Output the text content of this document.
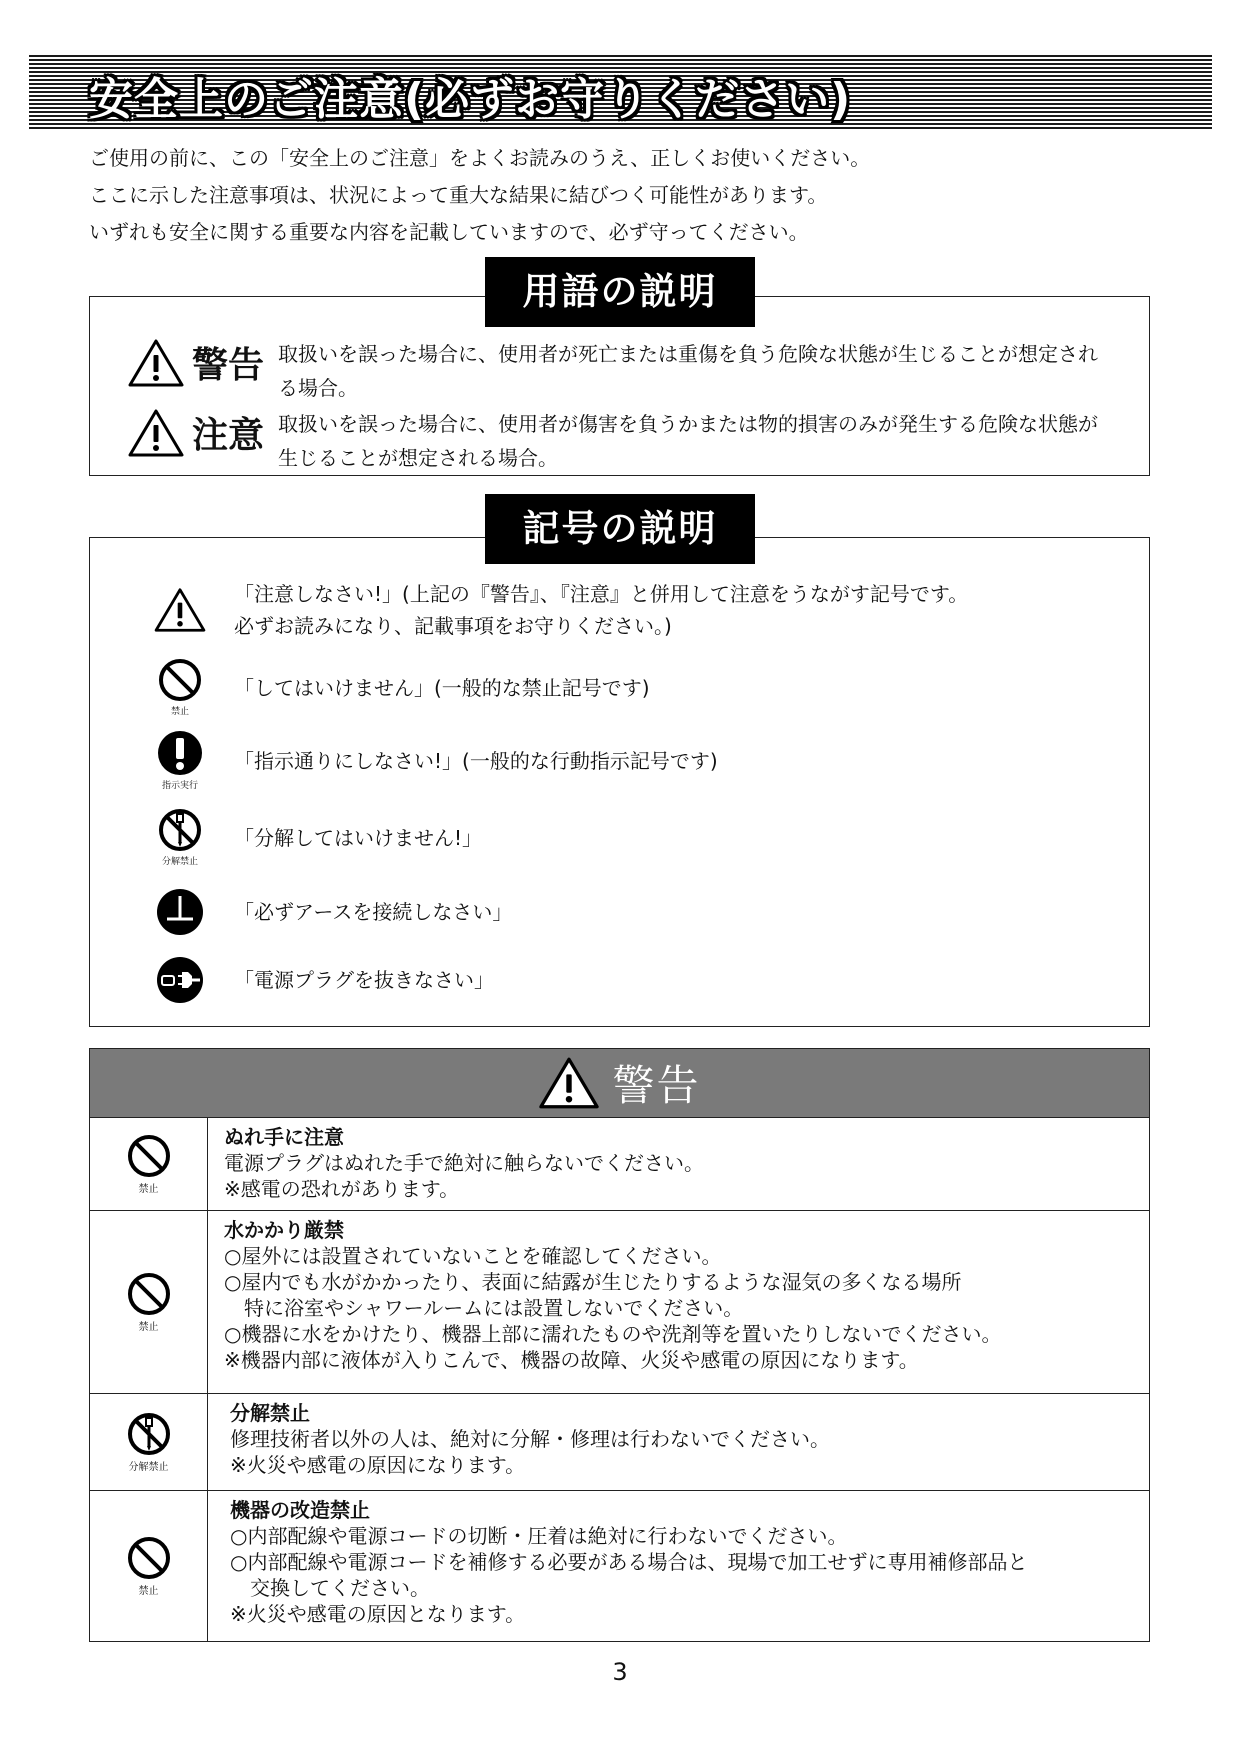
安全上のご注意(必ずお守りください)

ご使用の前に、この「安全上のご注意」をよくお読みのうえ、正しくお使いください。

ここに示した注意事項は、状況によって重大な結果に結びつく可能性があります。

いずれも安全に関する重要な内容を記載していますので、必ず守ってください。

警告 取扱いを誤った場合に、使用者が死亡または重傷を負う危険な状態が生じることが想定される場合。
注意 取扱いを誤った場合に、使用者が傷害を負うかまたは物的損害のみが発生する危険な状態が生じることが想定される場合。
用語の説明
「注意しなさい!」(上記の『警告』、『注意』と併用して注意をうながす記号です。
必ずお読みになり、記載事項をお守りください。)
禁止
「してはいけません」(一般的な禁止記号です)
指示実行
「指示通りにしなさい!」(一般的な行動指示記号です)
分解禁止
「分解してはいけません!」
「必ずアースを接続しなさい」
「電源プラグを抜きなさい」
記号の説明
警告
禁止
ぬれ手に注意
電源プラグはぬれた手で絶対に触らないでください。
※感電の恐れがあります。
禁止
水かかり厳禁
○屋外には設置されていないことを確認してください。
○屋内でも水がかかったり、表面に結露が生じたりするような湿気の多くなる場所
　特に浴室やシャワールームには設置しないでください。
○機器に水をかけたり、機器上部に濡れたものや洗剤等を置いたりしないでください。
※機器内部に液体が入りこんで、機器の故障、火災や感電の原因になります。
分解禁止
分解禁止
修理技術者以外の人は、絶対に分解・修理は行わないでください。
※火災や感電の原因になります。
禁止
機器の改造禁止
○内部配線や電源コードの切断・圧着は絶対に行わないでください。
○内部配線や電源コードを補修する必要がある場合は、現場で加工せずに専用補修部品と
　交換してください。
※火災や感電の原因となります。
3
